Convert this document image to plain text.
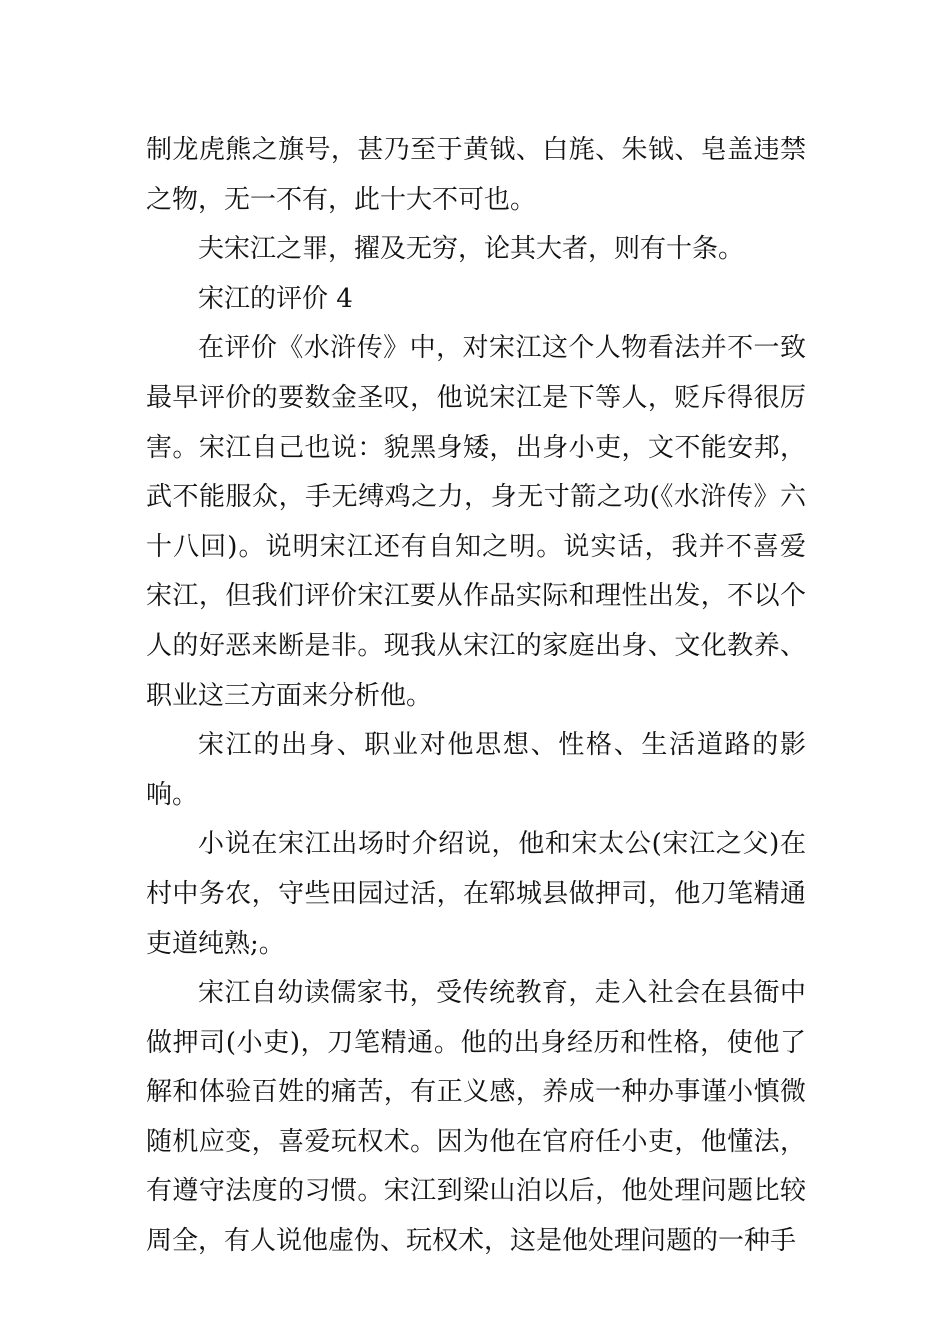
制龙虎熊之旗号，甚乃至于黄钺、白旄、朱钺、皂盖违禁之物，无一不有，此十大不可也。

夫宋江之罪，擢及无穷，论其大者，则有十条。

宋江的评价 4

在评价《水浒传》中，对宋江这个人物看法并不一致最早评价的要数金圣叹，他说宋江是下等人，贬斥得很厉害。宋江自己也说：貌黑身矮，出身小吏，文不能安邦，武不能服众，手无缚鸡之力，身无寸箭之功(《水浒传》六十八回)。说明宋江还有自知之明。说实话，我并不喜爱宋江，但我们评价宋江要从作品实际和理性出发，不以个人的好恶来断是非。现我从宋江的家庭出身、文化教养、职业这三方面来分析他。

宋江的出身、职业对他思想、性格、生活道路的影响。

小说在宋江出场时介绍说，他和宋太公(宋江之父)在村中务农，守些田园过活，在郓城县做押司，他刀笔精通吏道纯熟;。

宋江自幼读儒家书，受传统教育，走入社会在县衙中做押司(小吏)，刀笔精通。他的出身经历和性格，使他了解和体验百姓的痛苦，有正义感，养成一种办事谨小慎微随机应变，喜爱玩权术。因为他在官府任小吏，他懂法，有遵守法度的习惯。宋江到梁山泊以后，他处理问题比较周全，有人说他虚伪、玩权术，这是他处理问题的一种手
